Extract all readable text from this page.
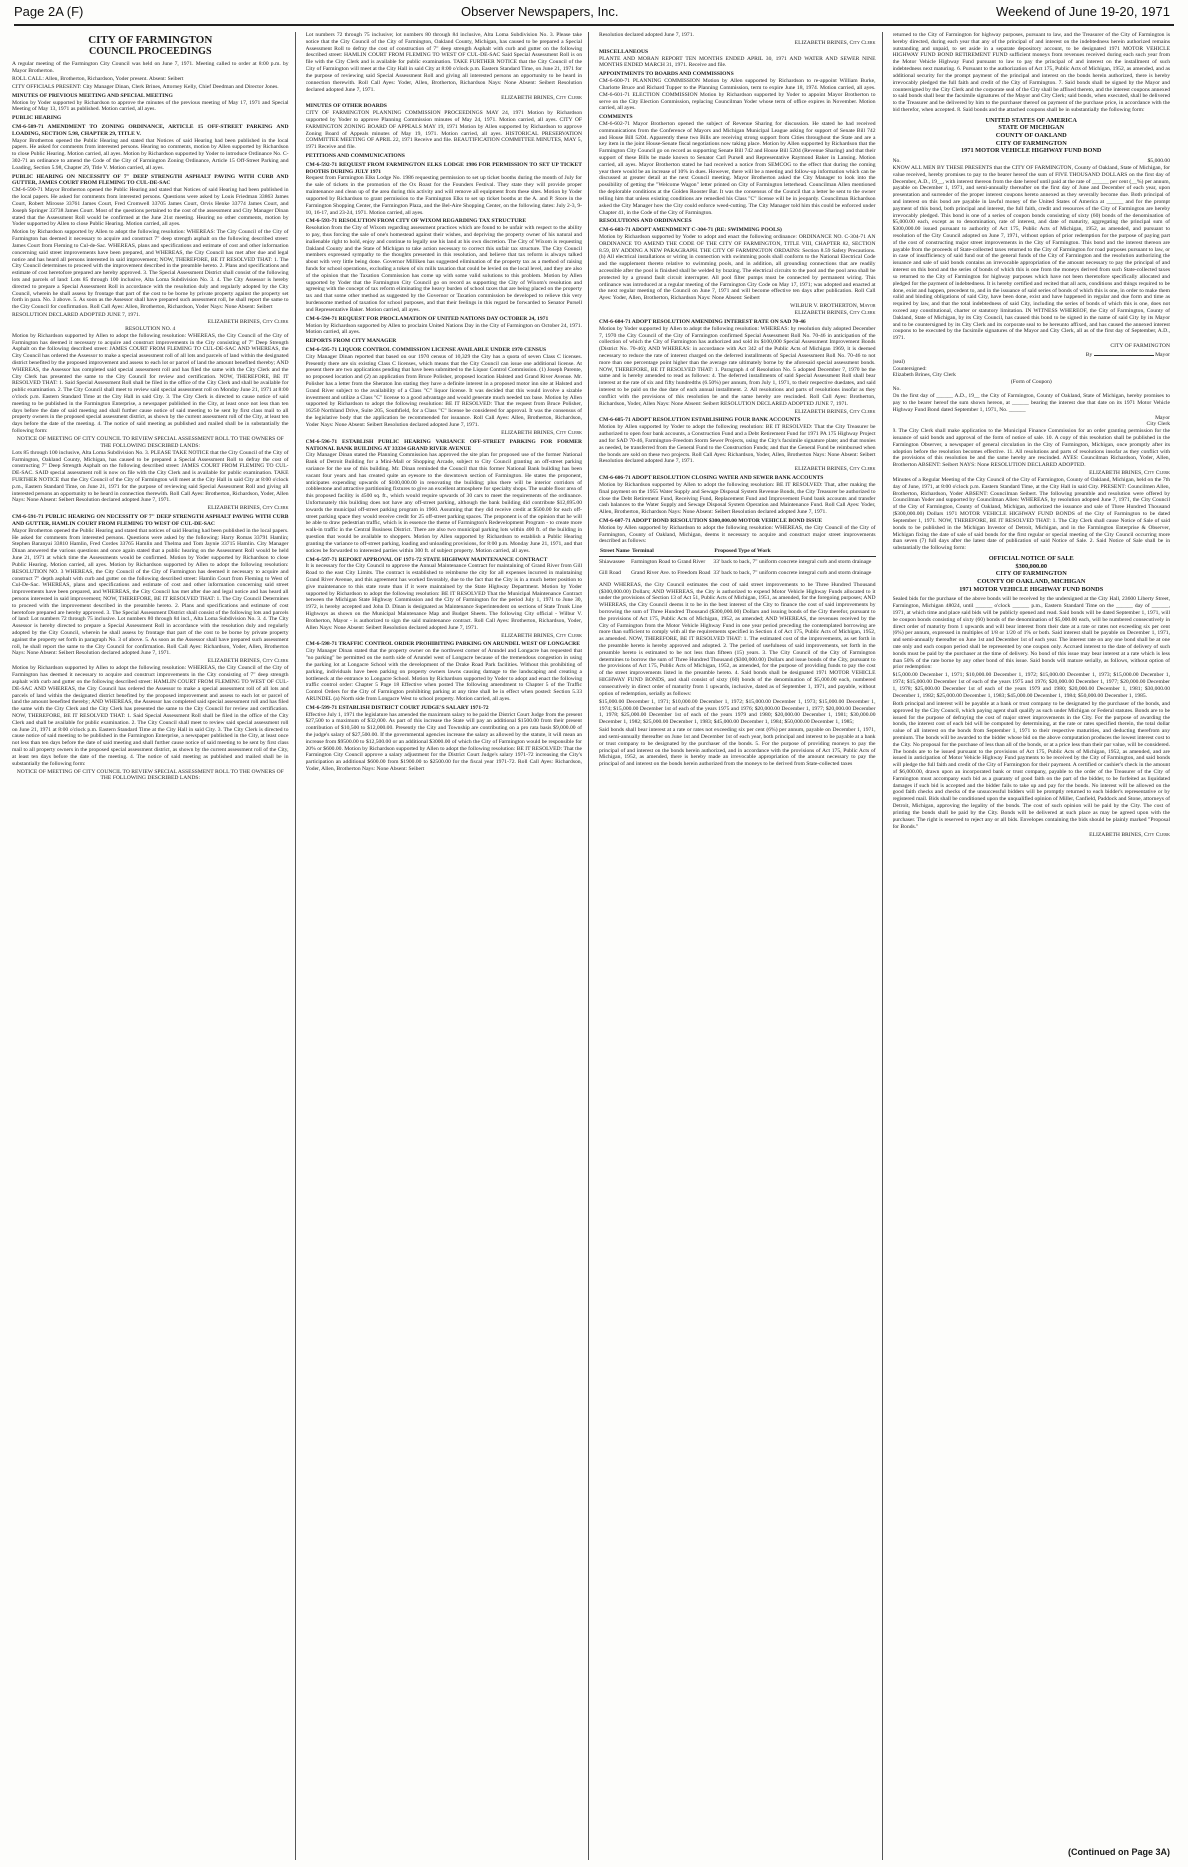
Page 2A (F)	Observer Newspapers, Inc.	Weekend of June 19-20, 1971
CITY OF FARMINGTON
COUNCIL PROCEEDINGS

A regular meeting of the Farmington City Council was held on June 7, 1971. Meeting called to order at 8:00 p.m. by Mayor Brotherton.

ROLL CALL: Allen, Brotherton, Richardson, Yoder present. Absent: Seibert

CITY OFFICIALS PRESENT: City Manager Dinan, Clerk Brines, Attorney Kelly, Chief Deedman and Director Jones.

MINUTES OF PREVIOUS MEETING AND SPECIAL MEETING

Motion by Yoder supported by Richardson to approve the minutes of the previous meeting of May 17, 1971 and Special Meeting of May 13, 1971 as published. Motion carried, all ayes.

PUBLIC HEARING
CM-6-509-71 AMENDMENT TO ZONING ORDINANCE, ARTICLE 15 OFF-STREET PARKING AND LOADING, SECTION 5.98, CHAPTER 29, TITLE V.

Mayor Brotherton opened the Public Hearing and stated that Notices of said Hearing had been published in the local papers. He asked for comments from interested persons. Hearing no comments, motion by Allen supported by Richardson to close Public Hearing. Motion carried, all ayes. Motion by Richardson supported by Yoder to introduce Ordinance No. C-302-71 an ordinance to amend the Code of the City of Farmington Zoning Ordinance, Article 15 Off-Street Parking and Loading, Section 5.98, Chapter 29, Title V. Motion carried, all ayes.

PUBLIC HEARING ON NECESSITY OF 7" DEEP STRENGTH ASPHALT PAVING WITH CURB AND GUTTER, JAMES COURT FROM FLEMING TO CUL-DE-SAC

CM-6-590-71 Mayor Brotherton opened the Public Hearing and stated that Notices of said Hearing had been published in the local papers. He asked for comments from interested persons. Questions were asked by Louis Friedman 33863 James Court, Robert Mirosse 33761 James Court, Fred Cromwell 33705 James Court, Orvis Henke 33774 James Court, and Joseph Springer 33738 James Court. Most of the questions pertained to the cost of the assessment and City Manager Dinan stated that the Assessment Roll would be confirmed at the June 21st meeting. Hearing no other comments, motion by Yoder supported by Allen to close Public Hearing. Motion carried, all ayes.

Motion by Richardson supported by Allen to adopt the following resolution: WHEREAS: The City Council of the City of Farmington has deemed it necessary to acquire and construct 7" deep strength asphalt on the following described street: James Court from Fleming to Cul-de-Sac. WHEREAS, plans and specifications and estimate of cost and other information concerning said street improvements have been prepared, and WHEREAS, the City Council has met after due and legal notice and has heard all persons interested in said improvement; NOW, THEREFORE, BE IT RESOLVED THAT: 1. The City Council determines to proceed with the improvement described in the preamble hereto. 2. Plans and specifications and estimate of cost heretofore prepared are hereby approved. 3. The Special Assessment District shall consist of the following lots and parcels of land: Lots 85 through 100 inclusive, Alta Loma Subdivision No. 3. 4. The City Assessor is hereby directed to prepare a Special Assessment Roll in accordance with the resolution duly and regularly adopted by the City Council, wherein he shall assess by frontage that part of the cost to be borne by private property against the property set forth in para. No. 3 above. 5. As soon as the Assessor shall have prepared such assessment roll, he shall report the same to the City Council for confirmation. Roll Call Ayes: Allen, Brotherton, Richardson, Yoder Nays: None Absent: Seibert

RESOLUTION DECLARED ADOPTED JUNE 7, 1971.
ELIZABETH BRINES, City Clerk
RESOLUTION NO. 4

Motion by Richardson supported by Allen to adopt the following resolution: WHEREAS, the City Council of the City of Farmington has deemed it necessary to acquire and construct improvements in the City consisting of 7" Deep Strength Asphalt on the following described street: JAMES COURT FROM FLEMING TO CUL-DE-SAC AND WHEREAS, the City Council has ordered the Assessor to make a special assessment roll of all lots and parcels of land within the designated district benefited by the proposed improvement and assess to each lot or parcel of land the amount benefited thereby; AND WHEREAS, the Assessor has completed said special assessment roll and has filed the same with the City Clerk and the City Clerk has presented the same to the City Council for review and certification. NOW, THEREFORE, BE IT RESOLVED THAT: 1. Said Special Assessment Roll shall be filed in the office of the City Clerk and shall be available for public examination. 2. The City Council shall meet to review said special assessment roll on Monday June 21, 1971 at 8:00 o'clock p.m. Eastern Standard Time at the City Hall in said City. 3. The City Clerk is directed to cause notice of said meeting to be published in the Farmington Enterprise, a newspaper published in the City, at least once not less than ten days before the date of said meeting and shall further cause notice of said meeting to be sent by first class mail to all property owners in the proposed special assessment district, as shown by the current assessment roll of the City, at least ten days before the date of the meeting. 4. The notice of said meeting as published and mailed shall be in substantially the following form:

NOTICE OF MEETING OF CITY COUNCIL TO REVIEW SPECIAL ASSESSMENT ROLL TO THE OWNERS OF THE FOLLOWING DESCRIBED LANDS:

Lots 85 through 100 inclusive, Alta Loma Subdivision No. 3. PLEASE TAKE NOTICE that the City Council of the City of Farmington, Oakland County, Michigan, has caused to be prepared a Special Assessment Roll to defray the cost of constructing 7" Deep Strength Asphalt on the following described street: JAMES COURT FROM FLEMING TO CUL-DE-SAC. SAID special assessment roll is now on file with the City Clerk and is available for public examination. TAKE FURTHER NOTICE that the City Council of the City of Farmington will meet at the City Hall in said City at 8:00 o'clock p.m., Eastern Standard Time, on June 21, 1971 for the purpose of reviewing said Special Assessment Roll and giving all interested persons an opportunity to be heard in connection therewith. Roll Call Ayes: Brotherton, Richardson, Yoder, Allen Nays: None Absent: Seibert Resolution declared adopted June 7, 1971.

ELIZABETH BRINES, City Clerk
CM-6-591-71 PUBLIC HEARING ON NECESSITY OF 7" DEEP STRENGTH ASPHALT PAVING WITH CURB AND GUTTER, HAMLIN COURT FROM FLEMING TO WEST OF CUL-DE-SAC

Mayor Brotherton opened the Public Hearing and stated that notices of said Hearing had been published in the local papers. He asked for comments from interested persons. Questions were asked by the following: Harry Romas 33791 Hamlin; Stephen Baranyai 33810 Hamlin, Fred Cordes 33765 Hamlin and Thelma and Tom Jaynie 33715 Hamlin. City Manager Dinan answered the various questions and once again stated that a public hearing on the Assessment Roll would be held June 21, 1971 at which time the Assessments would be confirmed. Motion by Yoder supported by Richardson to close Public Hearing. Motion carried, all ayes. Motion by Richardson supported by Allen to adopt the following resolution: RESOLUTION NO. 3 WHEREAS, the City Council of the City of Farmington has deemed it necessary to acquire and construct 7" depth asphalt with curb and gutter on the following described street: Hamlin Court from Fleming to West of Cul-De-Sac. WHEREAS, plans and specifications and estimate of cost and other information concerning said street improvements have been prepared, and WHEREAS, the City Council has met after due and legal notice and has heard all persons interested in said improvement; NOW, THEREFORE, BE IT RESOLVED THAT: 1. The City Council Determines to proceed with the improvement described in the preamble hereto. 2. Plans and specifications and estimate of cost heretofore prepared are hereby approved. 3. The Special Assessment District shall consist of the following lots and parcels of land: Lot numbers 72 through 75 inclusive. Lot numbers 80 through 84 incl., Alta Loma Subdivision No. 3. 4. The City Assessor is hereby directed to prepare a Special Assessment Roll in accordance with the resolution duly and regularly adopted by the City Council, wherein he shall assess by frontage that part of the cost to be borne by private property against the property set forth in paragraph No. 3 of above. 5. As soon as the Assessor shall have prepared such assessment roll, he shall report the same to the City Council for confirmation. Roll Call Ayes: Richardson, Yoder, Allen, Brotherton Nays: None Absent: Seibert Resolution declared adopted June 7, 1971.

ELIZABETH BRINES, City Clerk

Motion by Richardson supported by Allen to adopt the following resolution: WHEREAS, the City Council of the City of Farmington has deemed it necessary to acquire and construct improvements in the City consisting of 7" deep strength asphalt with curb and gutter on the following described street: HAMLIN COURT FROM FLEMING TO WEST OF CUL-DE-SAC AND WHEREAS, the City Council has ordered the Assessor to make a special assessment roll of all lots and parcels of land within the designated district benefited by the proposed improvement and assess to each lot or parcel of land the amount benefited thereby; AND WHEREAS, the Assessor has completed said special assessment roll and has filed the same with the City Clerk and the City Clerk has presented the same to the City Council for review and certification. NOW, THEREFORE, BE IT RESOLVED THAT: 1. Said Special Assessment Roll shall be filed in the office of the City Clerk and shall be available for public examination. 2. The City Council shall meet to review said special assessment roll on June 21, 1971 at 8:00 o'clock p.m. Eastern Standard Time at the City Hall in said City. 3. The City Clerk is directed to cause notice of said meeting to be published in the Farmington Enterprise, a newspaper published in the City, at least once not less than ten days before the date of said meeting and shall further cause notice of said meeting to be sent by first class mail to all property owners in the proposed special assessment district, as shown by the current assessment roll of the City, at least ten days before the date of the meeting. 4. The notice of said meeting as published and mailed shall be in substantially the following form:

NOTICE OF MEETING OF CITY COUNCIL TO REVIEW SPECIAL ASSESSMENT ROLL TO THE OWNERS OF THE FOLLOWING DESCRIBED LANDS:

Lot numbers 72 through 75 inclusive; lot numbers 80 through 84 inclusive, Alta Loma Subdivision No. 3. Please take notice that the City Council of the City of Farmington, Oakland County, Michigan, has caused to be prepared a Special Assessment Roll to defray the cost of construction of 7" deep strength Asphalt with curb and gutter on the following described street: HAMLIN COURT FROM FLEMING TO WEST OF CUL-DE-SAC Said Special Assessment Roll is on file with the City Clerk and is available for public examination. TAKE FURTHER NOTICE that the City Council of the City of Farmington will meet at the City Hall in said City at 8:00 o'clock p.m. Eastern Standard Time, on June 21, 1971 for the purpose of reviewing said Special Assessment Roll and giving all interested persons an opportunity to be heard in connection therewith. Roll Call Ayes: Yoder, Allen, Brotherton, Richardson Nays: None Absent: Seibert Resolution declared adopted June 7, 1971.

ELIZABETH BRINES, City Clerk
MINUTES OF OTHER BOARDS

CITY OF FARMINGTON PLANNING COMMISSION PROCEEDINGS MAY 24, 1971 Motion by Richardson supported by Yoder to approve Planning Commission minutes of May 24, 1971. Motion carried, all ayes. CITY OF FARMINGTON ZONING BOARD OF APPEALS MAY 19, 1971 Motion by Allen supported by Richardson to approve Zoning Board of Appeals minutes of May 19, 1971. Motion carried, all ayes. HISTORICAL PRESERVATION COMMITTEE MEETING OF APRIL 22, 1971 Receive and file. BEAUTIFICATION COMMITTEE MINUTES, MAY 5, 1971 Receive and file.

PETITIONS AND COMMUNICATIONS
CM-6-592-71 REQUEST FROM FARMINGTON ELKS LODGE 1986 FOR PERMISSION TO SET UP TICKET BOOTHS DURING JULY 1971

Request from Farmington Elks Lodge No. 1986 requesting permission to set up ticket booths during the month of July for the sale of tickets in the promotion of the Ox Roast for the Founders Festival. They state they will provide proper maintenance and clean up of the area during this activity and will remove all equipment from these sites. Motion by Yoder supported by Richardson to grant permission to the Farmington Elks to set up ticket booths at the A. and P. Store in the Farmington Shopping Center, the Farmington Plaza, and the Bel-Aire Shopping Center, on the following dates: July 2-3, 9-10, 16-17, and 23-24, 1971. Motion carried, all ayes.

CM-6-593-71 RESOLUTION FROM CITY OF WIXOM REGARDING TAX STRUCTURE

Resolution from the City of Wixom regarding assessment practices which are found to be unfair with respect to the ability to pay, thus forcing the sale of one's homestead against their wishes, and depriving the property owner of his natural and inalienable right to hold, enjoy and continue to legally use his land at his own discretion. The City of Wixom is requesting Oakland County and the State of Michigan to take action necessary to correct this unfair tax structure. The City Council members expressed sympathy to the thoughts presented in this resolution, and believe that tax reform is always talked about with very little being done. Governor Milliken has suggested elimination of the property tax as a method of raising funds for school operations, excluding a token of six mills taxation that could be levied on the local level, and they are also of the opinion that the Taxation Commission has come up with some valid solutions to this problem. Motion by Allen supported by Yoder that the Farmington City Council go on record as supporting the City of Wixom's resolution and agreeing with the concept of tax reform eliminating the heavy burden of school taxes that are being placed on the property tax and that some other method as suggested by the Governor or Taxation commission be developed to relieve this very burdensome method of taxation for school purposes, and that their feelings in this regard be forwarded to Senator Pursell and Representative Baker. Motion carried, all ayes.

CM-6-594-71 REQUEST FOR PROCLAMATION OF UNITED NATIONS DAY OCTOBER 24, 1971

Motion by Richardson supported by Allen to proclaim United Nations Day in the City of Farmington on October 24, 1971. Motion carried, all ayes.

REPORTS FROM CITY MANAGER
CM-6-595-71 LIQUOR CONTROL COMMISSION LICENSE AVAILABLE UNDER 1970 CENSUS

City Manager Dinan reported that based on our 1970 census of 10,329 the City has a quota of seven Class C licenses. Presently there are six existing Class C licenses, which means that the City Council can issue one additional license. At present there are two applications pending that have been submitted to the Liquor Control Commission. (1) Joseph Parente, no proposed location and (2) an application from Bruce Polisher, proposed location Halsted and Grand River Avenue. Mr. Polisher has a letter from the Sheraton Inn stating they have a definite interest in a proposed motor inn site at Halsted and Grand River subject to the availability of a Class "C" liquor license. It was decided that this would involve a sizable investment and utilize a Class "C" license to a good advantage and would generate much needed tax base. Motion by Allen supported by Richardson to adopt the following resolution: BE IT RESOLVED: That the request from Bruce Polisher, 16250 Northland Drive, Suite 205, Southfield, for a Class "C" license be considered for approval. It was the consensus of the legislative body that the application be recommended for issuance. Roll Call Ayes: Allen, Brotherton, Richardson, Yoder Nays: None Absent: Seibert Resolution declared adopted June 7, 1971.

ELIZABETH BRINES, City Clerk
CM-6-596-71 ESTABLISH PUBLIC HEARING VARIANCE OFF-STREET PARKING FOR FORMER NATIONAL BANK BUILDING AT 33334 GRAND RIVER AVENUE

City Manager Dinan stated the Planning Commission has approved the site plan for proposed use of the former National Bank of Detroit Building for a Mini-Mall or Shopping Arcade, subject to City Council granting an off-street parking variance for the use of this building. Mr. Dinan reminded the Council that this former National Bank building has been vacant four years and has created quite an eyesore to the downtown section of Farmington. He states the proponent, anticipates expending upwards of $100,000.00 in renovating the building; plus there will be interior corridors of cobblestone and attractive partitioning fixtures to give an excellent atmosphere for specialty shops. The usable floor area of this proposed facility is 4500 sq. ft., which would require upwards of 30 cars to meet the requirements of the ordinance. Unfortunately this building does not have any off-street parking, although the bank building did contribute $12,695.00 towards the municipal off-street parking program in 1960. Assuming that they did receive credit at $500.00 for each off-street parking space they would receive credit for 25 off-street parking spaces. The proponent is of the opinion that he will be able to draw pedestrian traffic, which is in essence the theme of Farmington's Redevelopment Program - to create more walk-in traffic in the Central Business District. There are also two municipal parking lots within 400 ft. of the building in question that would be available to shoppers. Motion by Allen supported by Richardson to establish a Public Hearing granting the variance to off-street parking, loading and unloading provisions, for 8:00 p.m. Monday June 21, 1971, and that notices be forwarded to interested parties within 300 ft. of subject property. Motion carried, all ayes.

CM-6-597-71 REPORT APPROVAL OF 1971-72 STATE HIGHWAY MAINTENANCE CONTRACT

It is necessary for the City Council to approve the Annual Maintenance Contract for maintaining of Grand River from Gill Road to the east City Limits. The contract is established to reimburse the city for all expenses incurred in maintaining Grand River Avenue, and this agreement has worked favorably, due to the fact that the City is in a much better position to give maintenance to this state route than if it were maintained by the State Highway Department. Motion by Yoder supported by Richardson to adopt the following resolution: BE IT RESOLVED That the Municipal Maintenance Contract between the Michigan State Highway Commission and the City of Farmington for the period July 1, 1971 to June 30, 1972, is hereby accepted and John D. Dinan is designated as Maintenance Superintendent on sections of State Trunk Line Highways as shown on the Municipal Maintenance Map and Budget Sheets. The following City official - Wilbur V. Brotherton, Mayor - is authorized to sign the said maintenance contract. Roll Call Ayes: Brotherton, Richardson, Yoder, Allen Nays: None Absent: Seibert Resolution declared adopted June 7, 1971.

ELIZABETH BRINES, City Clerk
CM-6-598-71 TRAFFIC CONTROL ORDER PROHIBITING PARKING ON ARUNDEL WEST OF LONGACRE

City Manager Dinan stated that the property owner on the northwest corner of Arundel and Longacre has requested that "no parking" be permitted on the north side of Arundel west of Longacre because of the tremendous congestion in using the parking lot at Longacre School with the development of the Drake Road Park facilities. Without this prohibiting of parking, individuals have been parking on property owners lawns causing damage to the landscaping and creating a bottleneck at the entrance to Longacre School. Motion by Richardson supported by Yoder to adopt and enact the following traffic control order: Chapter 5 Page 18 Effective when posted The following amendment to Chapter 5 of the Traffic Control Orders for the City of Farmington prohibiting parking at any time shall be in effect when posted: Section 5.33 ARUNDEL (a) North side from Longacre West to school property. Motion carried, all ayes.

CM-6-599-71 ESTABLISH DISTRICT COURT JUDGE'S SALARY 1971-72

Effective July 1, 1971 the legislature has amended the maximum salary to be paid the District Court Judge from the present $27,500 to a maximum of $32,000. As part of this increase the State will pay an additional $1500.00 from their present contribution of $10,500 to $12,000.00. Presently the City and Township are contributing on a pro rata basis $9,000.00 of the judge's salary of $27,500.00. If the governmental agencies increase the salary as allowed by the statute, it will mean an increase from $9500.00 to $12,500.00 or an additional $3000.00 of which the City of Farmington would be responsible for 20% or $600.00. Motion by Richardson supported by Allen to adopt the following resolution: BE IT RESOLVED: That the Farmington City Council approve a salary adjustment for the District Court Judge's salary 1971-72 increasing the City's participation an additional $600.00 from $1900.00 to $2500.00 for the fiscal year 1971-72. Roll Call Ayes: Richardson, Yoder, Allen, Brotherton Nays: None Absent: Seibert

Resolution declared adopted June 7, 1971.

ELIZABETH BRINES, City Clerk
MISCELLANEOUS

PLANTE AND MORAN REPORT TEN MONTHS ENDED APRIL 30, 1971 AND WATER AND SEWER NINE MONTHS ENDED MARCH 31, 1971. Receive and file.

APPOINTMENTS TO BOARDS AND COMMISSIONS

CM-6-600-71 PLANNING COMMISSION Motion by Allen supported by Richardson to re-appoint William Burke, Charlotte Bruce and Richard Tupper to the Planning Commission, term to expire June 18, 1974. Motion carried, all ayes. CM-6-601-71 ELECTION COMMISSION Motion by Richardson supported by Yoder to appoint Mayor Brotherton to serve on the City Election Commission, replacing Councilman Yoder whose term of office expires in November. Motion carried, all ayes.

COMMENTS

CM-6-602-71 Mayor Brotherton opened the subject of Revenue Sharing for discussion. He stated he had received communications from the Conference of Mayors and Michigan Municipal League asking for support of Senate Bill 742 and House Bill 5204. Apparently these two Bills are receiving strong support from Cities throughout the State and are a key item in the joint House-Senate fiscal negotiations now taking place. Motion by Allen supported by Richardson that the Farmington City Council go on record as supporting Senate Bill 742 and House Bill 5204 (Revenue Sharing) and that their support of these Bills be made known to Senator Carl Pursell and Representative Raymond Baker in Lansing. Motion carried, all ayes. Mayor Brotherton stated he had received a notice from SEMCOG to the effect that during the coming year there would be an increase of 10% in dues. However, there will be a meeting and follow-up information which can be discussed at greater detail at the next Council meeting. Mayor Brotherton asked the City Manager to look into the possibility of getting the "Welcome Wagon" letter printed on City of Farmington letterhead. Councilman Allen mentioned the deplorable conditions at the Golden Rooster Bar. It was the consensus of the Council that a letter be sent to the owner telling him that unless existing conditions are remedied his Class "C" license will be in jeopardy. Councilman Richardson asked the City Manager how the City could enforce weed-cutting. The City Manager told him this could be enforced under Chapter 41, in the Code of the City of Farmington.

RESOLUTIONS AND ORDINANCES
CM-6-603-71 ADOPT AMENDMENT C-304-71 (RE: SWIMMING POOLS)

Motion by Richardson supported by Yoder to adopt and enact the following ordinance: ORDINANCE NO. C-304-71 AN ORDINANCE TO AMEND THE CODE OF THE CITY OF FARMINGTON, TITLE VIII, CHAPTER 82, SECTION 8.59, BY ADDING A NEW PARAGRAPH. THE CITY OF FARMINGTON ORDAINS: Section 8.59 Safety Precautions. (h) All electrical installations or wiring in connection with swimming pools shall conform to the National Electrical Code and the supplement thereto relative to swimming pools, and in addition, all grounding connections that are readily accessible after the pool is finished shall be welded by brazing. The electrical circuits to the pool and the pool area shall be protected by a ground fault circuit interrupter. All pool filter pumps must be connected by permanent wiring. This ordinance was introduced at a regular meeting of the Farmington City Code on May 17, 1971; was adopted and enacted at the next regular meeting of the Council on June 7, 1971 and will become effective ten days after publication. Roll Call Ayes: Yoder, Allen, Brotherton, Richardson Nays: None Absent: Seibert

WILBUR V. BROTHERTON, Mayor
ELIZABETH BRINES, City Clerk
CM-6-604-71 ADOPT RESOLUTION AMENDING INTEREST RATE ON SAD 70-46

Motion by Yoder supported by Allen to adopt the following resolution: WHEREAS: by resolution duly adopted December 7, 1970 the City Council of the City of Farmington confirmed Special Assessment Roll No. 70-46 in anticipation of the collection of which the City of Farmington has authorized and sold its $100,000 Special Assessment Improvement Bonds (District No. 70-46); AND WHEREAS: in accordance with Act 342 of the Public Acts of Michigan 1969, it is deemed necessary to reduce the rate of interest charged on the deferred installments of Special Assessment Roll No. 70-46 to not more than one percentage point higher than the average rate ultimately borne by the aforesaid special assessment bonds. NOW, THEREFORE, BE IT RESOLVED THAT: 1. Paragraph 4 of Resolution No. 5 adopted December 7, 1970 be the same and is hereby amended to read as follows: 4. The deferred installments of said Special Assessment Roll shall bear interest at the rate of six and fifty hundredths (6.50%) per annum, from July 1, 1971, to their respective duedates, and said interest to be paid on the due date of each annual installment. 2. All resolutions and parts of resolutions insofar as they conflict with the provisions of this resolution be and the same hereby are rescinded. Roll Call Ayes: Brotherton, Richardson, Yoder, Allen Nays: None Absent: Seibert RESOLUTION DECLARED ADOPTED JUNE 7, 1971.

ELIZABETH BRINES, City Clerk
CM-6-605-71 ADOPT RESOLUTION ESTABLISHING FOUR BANK ACCOUNTS

Motion by Allen supported by Yoder to adopt the following resolution: BE IT RESOLVED: That the City Treasurer be authorized to open four bank accounts, a Construction Fund and a Debt Retirement Fund for 1971 PA 175 Highway Project and for SAD 70-46, Farmington-Freedom Storm Sewer Projects, using the City's facsimile signature plate; and that monies as needed, be transferred from the General Fund to the Construction Funds; and that the General Fund be reimbursed when the bonds are sold on these two projects. Roll Call Ayes: Richardson, Yoder, Allen, Brotherton Nays: None Absent: Seibert Resolution declared adopted June 7, 1971.

ELIZABETH BRINES, City Clerk
CM-6-606-71 ADOPT RESOLUTION CLOSING WATER AND SEWER BANK ACCOUNTS

Motion by Richardson supported by Allen to adopt the following resolution: BE IT RESOLVED: That, after making the final payment on the 1955 Water Supply and Sewage Disposal System Revenue Bonds, the City Treasurer be authorized to close the Debt Retirement Fund, Receiving Fund, Replacement Fund and Improvement Fund bank accounts and transfer cash balances to the Water Supply and Sewage Disposal System Operation and Maintenance Fund. Roll Call Ayes: Yoder, Allen, Brotherton, Richardson Nays: None Absent: Seibert Resolution declared adopted June 7, 1971.

CM-6-607-71 ADOPT BOND RESOLUTION $300,000.00 MOTOR VEHICLE BOND ISSUE

Motion by Allen supported by Richardson to adopt the following resolution: WHEREAS, the City Council of the City of Farmington, County of Oakland, Michigan, deems it necessary to acquire and construct major street improvements described as follows:

Street Name	Terminal	Proposed Type of Work
Shiawassee	Farmington Road to Grand River	33' back to back, 7" uniform concrete integral curb and storm drainage
Gill Road	Grand River Ave. to Freedom Road	33' back to back, 7" uniform concrete integral curb and storm drainage

AND WHEREAS, the City Council estimates the cost of said street improvements to be Three Hundred Thousand ($300,000.00) Dollars; AND WHEREAS, the City is authorized to expend Motor Vehicle Highway Funds allocated to it under the provisions of Section 13 of Act 51, Public Acts of Michigan, 1951, as amended, for the foregoing purposes; AND WHEREAS, the City Council deems it to be in the best interest of the City to finance the cost of said improvements by borrowing the sum of Three Hundred Thousand ($300,000.00) Dollars and issuing bonds of the City therefor, pursuant to the provisions of Act 175, Public Acts of Michigan, 1952, as amended; AND WHEREAS, the revenues received by the City of Farmington from the Motor Vehicle Highway Fund in one year period preceding the contemplated borrowing are more than sufficient to comply with all the requirements specified in Section 4 of Act 175, Public Acts of Michigan, 1952, as amended. NOW, THEREFORE, BE IT RESOLVED THAT: 1. The estimated cost of the improvements, as set forth in the preamble hereto is hereby approved and adopted. 2. The period of usefulness of said improvements, set forth in the preamble hereto is estimated to be not less than fifteen (15) years. 3. The City Council of the City of Farmington determines to borrow the sum of Three Hundred Thousand ($300,000.00) Dollars and issue bonds of the City, pursuant to the provisions of Act 175, Public Acts of Michigan, 1952, as amended, for the purpose of providing funds to pay the cost of the street improvements listed in the preamble hereto. 4. Said bonds shall be designated 1971 MOTOR VEHICLE HIGHWAY FUND BONDS, and shall consist of sixty (60) bonds of the denomination of $5,000.00 each, numbered consecutively in direct order of maturity from 1 upwards, inclusive, dated as of September 1, 1971, and payable, without option of redemption, serially as follows:

$15,000.00 December 1, 1971; $10,000.00 December 1, 1972; $15,000.00 December 1, 1973; $15,000.00 December 1, 1974; $15,000.00 December 1st of each of the years 1975 and 1976; $20,000.00 December 1, 1977; $20,000.00 December 1, 1978; $25,000.00 December 1st of each of the years 1979 and 1980; $20,000.00 December 1, 1981; $30,000.00 December 1, 1982; $25,000.00 December 1, 1983; $45,000.00 December 1, 1984; $50,000.00 December 1, 1985;

Said bonds shall bear interest at a rate or rates not exceeding six per cent (6%) per annum, payable on December 1, 1971, and semi-annually thereafter on June 1st and December 1st of each year, both principal and interest to be payable at a bank or trust company to be designated by the purchaser of the bonds. 5. For the purpose of providing moneys to pay the principal of and interest on the bonds herein authorized, and in accordance with the provisions of Act 175, Public Acts of Michigan, 1952, as amended, there is hereby made an irrevocable appropriation of the amount necessary to pay the principal of and interest on the bonds herein authorized from the moneys to be derived from State-collected taxes

returned to the City of Farmington for highway purposes, pursuant to law, and the Treasurer of the City of Farmington is hereby directed, during each year that any of the principal of and interest on the indebtedness herein authorized remains outstanding and unpaid, to set aside in a separate depository account, to be designated 1971 MOTOR VEHICLE HIGHWAY FUND BOND RETIREMENT FUND sufficient moneys from revenues received during each such year from the Motor Vehicle Highway Fund pursuant to law to pay the principal of and interest on the installment of such indebtedness next maturing. 6. Pursuant to the authorization of Act 175, Public Acts of Michigan, 1952, as amended, and as additional security for the prompt payment of the principal and interest on the bonds herein authorized, there is hereby irrevocably pledged the full faith and credit of the City of Farmington. 7. Said bonds shall be signed by the Mayor and countersigned by the City Clerk and the corporate seal of the City shall be affixed thereto, and the interest coupons annexed to said bonds shall bear the facsimile signatures of the Mayor and City Clerk; said bonds, when executed, shall be delivered to the Treasurer and be delivered by him to the purchaser thereof on payment of the purchase price, in accordance with the bid therefor, when accepted. 8. Said bonds and the attached coupons shall be in substantially the following form:

UNITED STATES OF AMERICA
STATE OF MICHIGAN
COUNTY OF OAKLAND
CITY OF FARMINGTON
1971 MOTOR VEHICLE HIGHWAY FUND BOND
No.	$5,000.00

KNOW ALL MEN BY THESE PRESENTS that the CITY OF FARMINGTON, County of Oakland, State of Michigan, for value received, hereby promises to pay to the bearer hereof the sum of FIVE THOUSAND DOLLARS on the first day of December, A.D., 19__, with interest thereon from the date hereof until paid at the rate of ______ per cent (__%) per annum, payable on December 1, 1971, and semi-annually thereafter on the first day of June and December of each year, upon presentation and surrender of the proper interest coupons hereto annexed as they severally become due. Both principal of and interest on this bond are payable in lawful money of the United States of America at ______ and for the prompt payment of this bond, both principal and interest, the full faith, credit and resources of the City of Farmington are hereby irrevocably pledged. This bond is one of a series of coupon bonds consisting of sixty (60) bonds of the denomination of $5,000.00 each, except as to denomination, rate of interest, and date of maturity, aggregating the principal sum of $300,000.00 issued pursuant to authority of Act 175, Public Acts of Michigan, 1952, as amended, and pursuant to resolution of the City Council adopted on June 7, 1971, without option of prior redemption for the purpose of paying part of the cost of constructing major street improvements in the City of Farmington. This bond and the interest thereon are payable from the proceeds of State-collected taxes returned to the City of Farmington for road purposes pursuant to law, or in case of insufficiency of said fund out of the general funds of the City of Farmington and the resolution authorizing the issuance and sale of said bonds contains an irrevocable appropriation of the amount necessary to pay the principal of and interest on this bond and the series of bonds of which this is one from the moneys derived from such State-collected taxes so returned to the City of Farmington for highway purposes which have not been theretofore specifically allocated and pledged for the payment of indebtedness. It is hereby certified and recited that all acts, conditions and things required to be done, exist and happen, precedent to, and in the issuance of said series of bonds of which this is one, in order to make them valid and binding obligations of said City, have been done, exist and have happened in regular and due form and time as required by law, and that the total indebtedness of said City, including the series of bonds of which this is one, does not exceed any constitutional, charter or statutory limitation. IN WITNESS WHEREOF, the City of Farmington, County of Oakland, State of Michigan, by its City Council, has caused this bond to be signed in the name of said City by its Mayor and to be countersigned by its City Clerk and its corporate seal to be hereunto affixed, and has caused the annexed interest coupons to be executed by the facsimile signatures of the Mayor and City Clerk, all as of the first day of September, A.D., 1971.

CITY OF FARMINGTON
By	Mayor
(seal)
Countersigned:
Elizabeth Brines, City Clerk
(Form of Coupon)
No.

On the first day of ______ A.D., 19__ the City of Farmington, County of Oakland, State of Michigan, hereby promises to pay to the bearer hereof the sum shown hereon, at ______ bearing the interest due that date on its 1971 Motor Vehicle Highway Fund Bond dated September 1, 1971, No. ______

Mayor
City Clerk

9. The City Clerk shall make application to the Municipal Finance Commission for an order granting permission for the issuance of said bonds and approval of the form of notice of sale. 10. A copy of this resolution shall be published in the Farmington Observer, a newspaper of general circulation in the City of Farmington, Michigan, once promptly after its adoption before the resolution becomes effective. 11. All resolutions and parts of resolutions insofar as they conflict with the provisions of this resolution be and the same hereby are rescinded. AYES: Councilman Richardson, Yoder, Allen, Brotherton ABSENT: Seibert NAYS: None RESOLUTION DECLARED ADOPTED.

ELIZABETH BRINES, City Clerk

Minutes of a Regular Meeting of the City Council of the City of Farmington, County of Oakland, Michigan, held on the 7th day of June, 1971, at 8:00 o'clock p.m. Eastern Standard Time, at the City Hall in said City. PRESENT: Councilmen Allen, Brotherton, Richardson, Yoder ABSENT: Councilman Seibert. The following preamble and resolution were offered by Councilman Yoder and supported by Councilman Allen: WHEREAS, by resolution adopted June 7, 1971, the City Council of the City of Farmington, County of Oakland, Michigan, authorized the issuance and sale of Three Hundred Thousand ($300,000.00) Dollars 1971 MOTOR VEHICLE HIGHWAY FUND BONDS of the City of Farmington to be dated September 1, 1971. NOW, THEREFORE, BE IT RESOLVED THAT: 1. The City Clerk shall cause Notice of Sale of said bonds to be published in the Michigan Investor of Detroit, Michigan, and in the Farmington Enterprise & Observer, Michigan fixing the date of sale of said bonds for the first regular or special meeting of the City Council occurring more than seven (7) full days after the latest date of publication of said Notice of Sale. 2. Said Notice of Sale shall be in substantially the following form:

OFFICIAL NOTICE OF SALE
$300,000.00
CITY OF FARMINGTON
COUNTY OF OAKLAND, MICHIGAN
1971 MOTOR VEHICLE HIGHWAY FUND BONDS

Sealed bids for the purchase of the above bonds will be received by the undersigned at the City Hall, 23600 Liberty Street, Farmington, Michigan 48024, until ______ o'clock ______ p.m., Eastern Standard Time on the ______ day of ______, 1971, at which time and place said bids will be publicly opened and read. Said bonds will be dated September 1, 1971, will be coupon bonds consisting of sixty (60) bonds of the denomination of $5,000.00 each, will be numbered consecutively in direct order of maturity from 1 upwards and will bear interest from their date at a rate or rates not exceeding six per cent (6%) per annum, expressed in multiples of 1/8 or 1/20 of 1% or both. Said interest shall be payable on December 1, 1971, and semi-annually thereafter on June 1st and December 1st of each year. The interest rate on any one bond shall be at one rate only and each coupon period shall be represented by one coupon only. Accrued interest to the date of delivery of such bonds must be paid by the purchaser at the time of delivery. No bond of this issue may bear interest at a rate which is less than 50% of the rate borne by any other bond of this issue. Said bonds will mature serially, as follows, without option of prior redemption:

$15,000.00 December 1, 1971; $10,000.00 December 1, 1972; $15,000.00 December 1, 1973; $15,000.00 December 1, 1974; $15,000.00 December 1st of each of the years 1975 and 1976; $20,000.00 December 1, 1977; $20,000.00 December 1, 1978; $25,000.00 December 1st of each of the years 1979 and 1980; $20,000.00 December 1, 1981; $30,000.00 December 1, 1982; $25,000.00 December 1, 1983; $45,000.00 December 1, 1984; $50,000.00 December 1, 1985.

Both principal and interest will be payable at a bank or trust company to be designated by the purchaser of the bonds, and approved by the City Council, which paying agent shall qualify as such under Michigan or Federal statutes. Bonds are to be issued for the purpose of defraying the cost of major street improvements in the City. For the purpose of awarding the bonds, the interest cost of each bid will be computed by determining, at the rate or rates specified therein, the total dollar value of all interest on the bonds from September 1, 1971 to their respective maturities, and deducting therefrom any premium. The bonds will be awarded to the bidder whose bid on the above computation produces the lowest interest cost to the City. No proposal for the purchase of less than all of the bonds, or at a price less than their par value, will be considered. The bonds are to be issued pursuant to the provisions of Act 175, Public Acts of Michigan, 1952, as amended, and are issued in anticipation of Motor Vehicle Highway Fund payments to be received by the City of Farmington, and said bonds will pledge the full faith and credit of the City of Farmington for their payment. A certified or cashier's check in the amount of $6,000.00, drawn upon an incorporated bank or trust company, payable to the order of the Treasurer of the City of Farmington must accompany each bid as a guaranty of good faith on the part of the bidder, to be forfeited as liquidated damages if such bid is accepted and the bidder fails to take up and pay for the bonds. No interest will be allowed on the good faith checks and checks of the unsuccessful bidders will be promptly returned to each bidder's representative or by registered mail. Bids shall be conditioned upon the unqualified opinion of Miller, Canfield, Paddock and Stone, attorneys of Detroit, Michigan, approving the legality of the bonds. The cost of such opinion will be paid by the City. The cost of printing the bonds shall be paid by the City. Bonds will be delivered at such place as may be agreed upon with the purchaser. The right is reserved to reject any or all bids. Envelopes containing the bids should be plainly marked "Proposal for Bonds."

ELIZABETH BRINES, City Clerk
(Continued on Page 3A)
